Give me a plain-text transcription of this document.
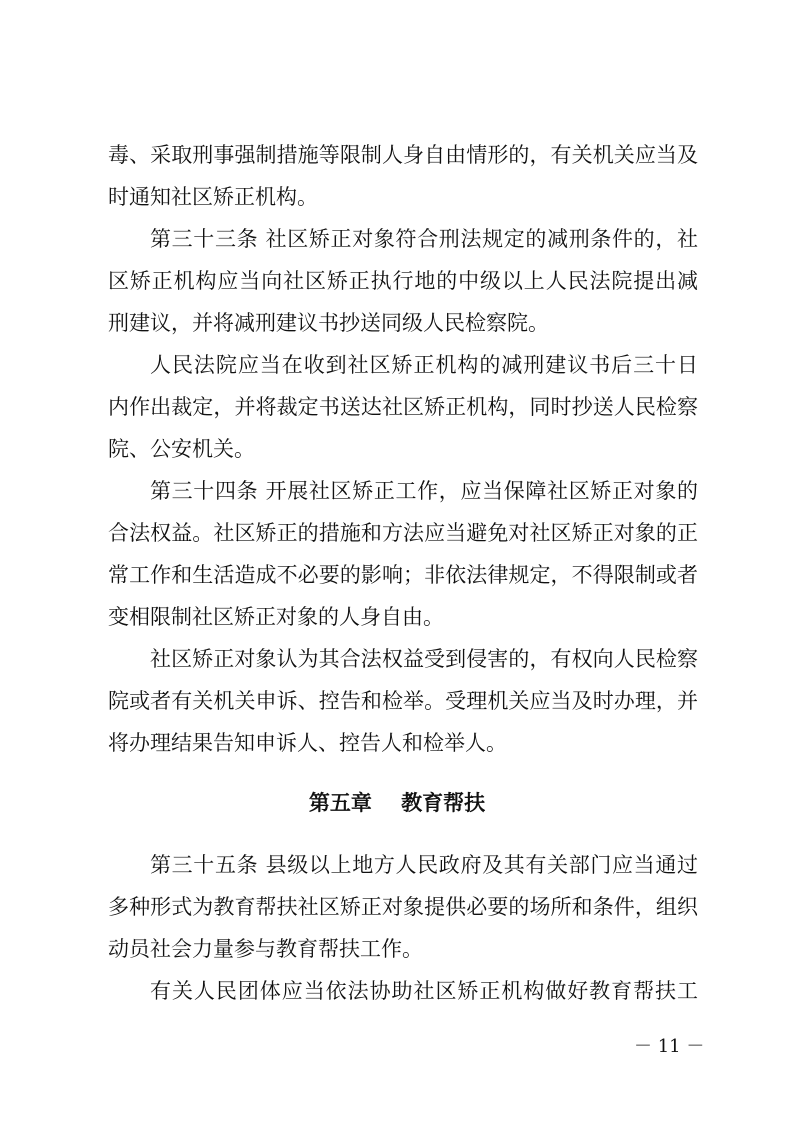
毒、采取刑事强制措施等限制人身自由情形的，有关机关应当及
时通知社区矫正机构。
第三十三条 社区矫正对象符合刑法规定的减刑条件的，社
区矫正机构应当向社区矫正执行地的中级以上人民法院提出减
刑建议，并将减刑建议书抄送同级人民检察院。
人民法院应当在收到社区矫正机构的减刑建议书后三十日
内作出裁定，并将裁定书送达社区矫正机构，同时抄送人民检察
院、公安机关。
第三十四条 开展社区矫正工作，应当保障社区矫正对象的
合法权益。社区矫正的措施和方法应当避免对社区矫正对象的正
常工作和生活造成不必要的影响；非依法律规定，不得限制或者
变相限制社区矫正对象的人身自由。
社区矫正对象认为其合法权益受到侵害的，有权向人民检察
院或者有关机关申诉、控告和检举。受理机关应当及时办理，并
将办理结果告知申诉人、控告人和检举人。
第五章    教育帮扶
第三十五条 县级以上地方人民政府及其有关部门应当通过
多种形式为教育帮扶社区矫正对象提供必要的场所和条件，组织
动员社会力量参与教育帮扶工作。
有关人民团体应当依法协助社区矫正机构做好教育帮扶工
－ 11 －
